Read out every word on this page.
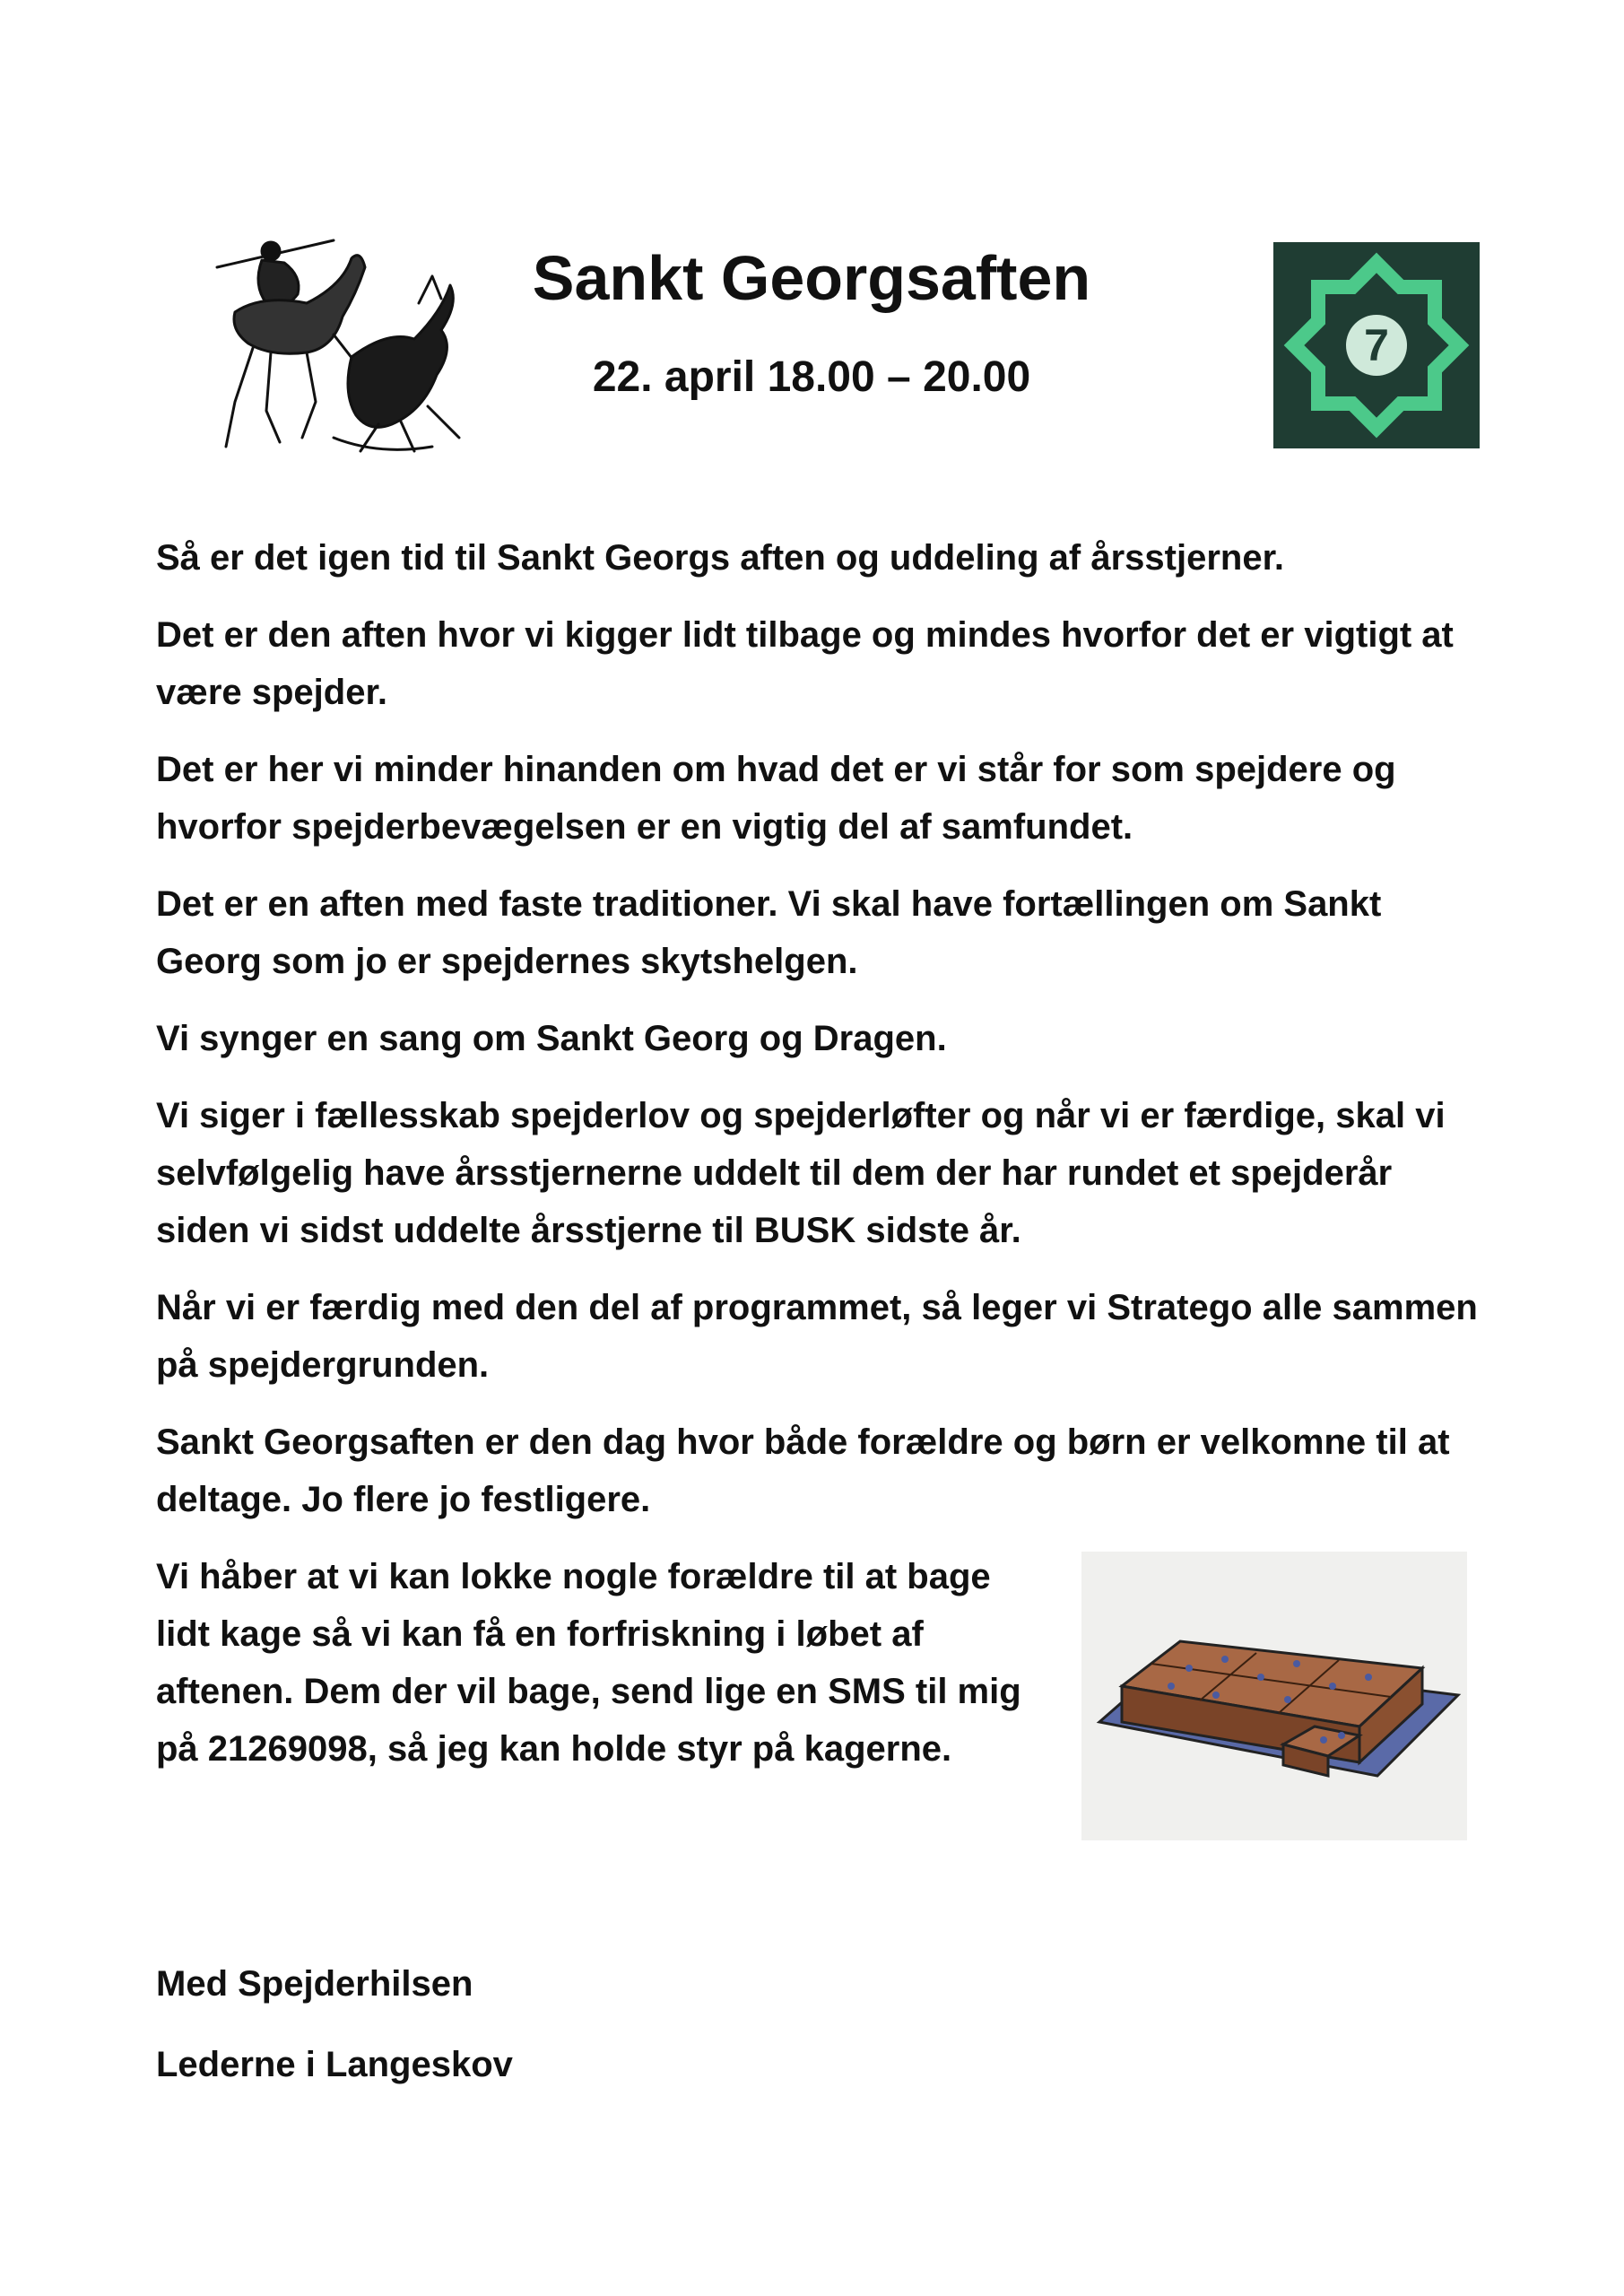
Sankt Georgsaften
22. april 18.00 – 20.00
7

Så er det igen tid til Sankt Georgs aften og uddeling af årsstjerner.

Det er den aften hvor vi kigger lidt tilbage og mindes hvorfor det er vigtigt at være spejder.

Det er her vi minder hinanden om hvad det er vi står for som spejdere og hvorfor spejderbevægelsen er en vigtig del af samfundet.

Det er en aften med faste traditioner. Vi skal have fortællingen om Sankt Georg som jo er spejdernes skytshelgen.

Vi synger en sang om Sankt Georg og Dragen.

Vi siger i fællesskab spejderlov og spejderløfter og når vi er færdige, skal vi selvfølgelig have årsstjernerne uddelt til dem der har rundet et spejderår siden vi sidst uddelte årsstjerne til BUSK sidste år.

Når vi er færdig med den del af programmet, så leger vi Stratego alle sammen på spejdergrunden.

Sankt Georgsaften er den dag hvor både forældre og børn er velkomne til at deltage. Jo flere jo festligere.

Vi håber at vi kan lokke nogle forældre til at bage lidt kage så vi kan få en forfriskning i løbet af aftenen. Dem der vil bage, send lige en SMS til mig på 21269098, så jeg kan holde styr på kagerne.

Med Spejderhilsen

Lederne i Langeskov
